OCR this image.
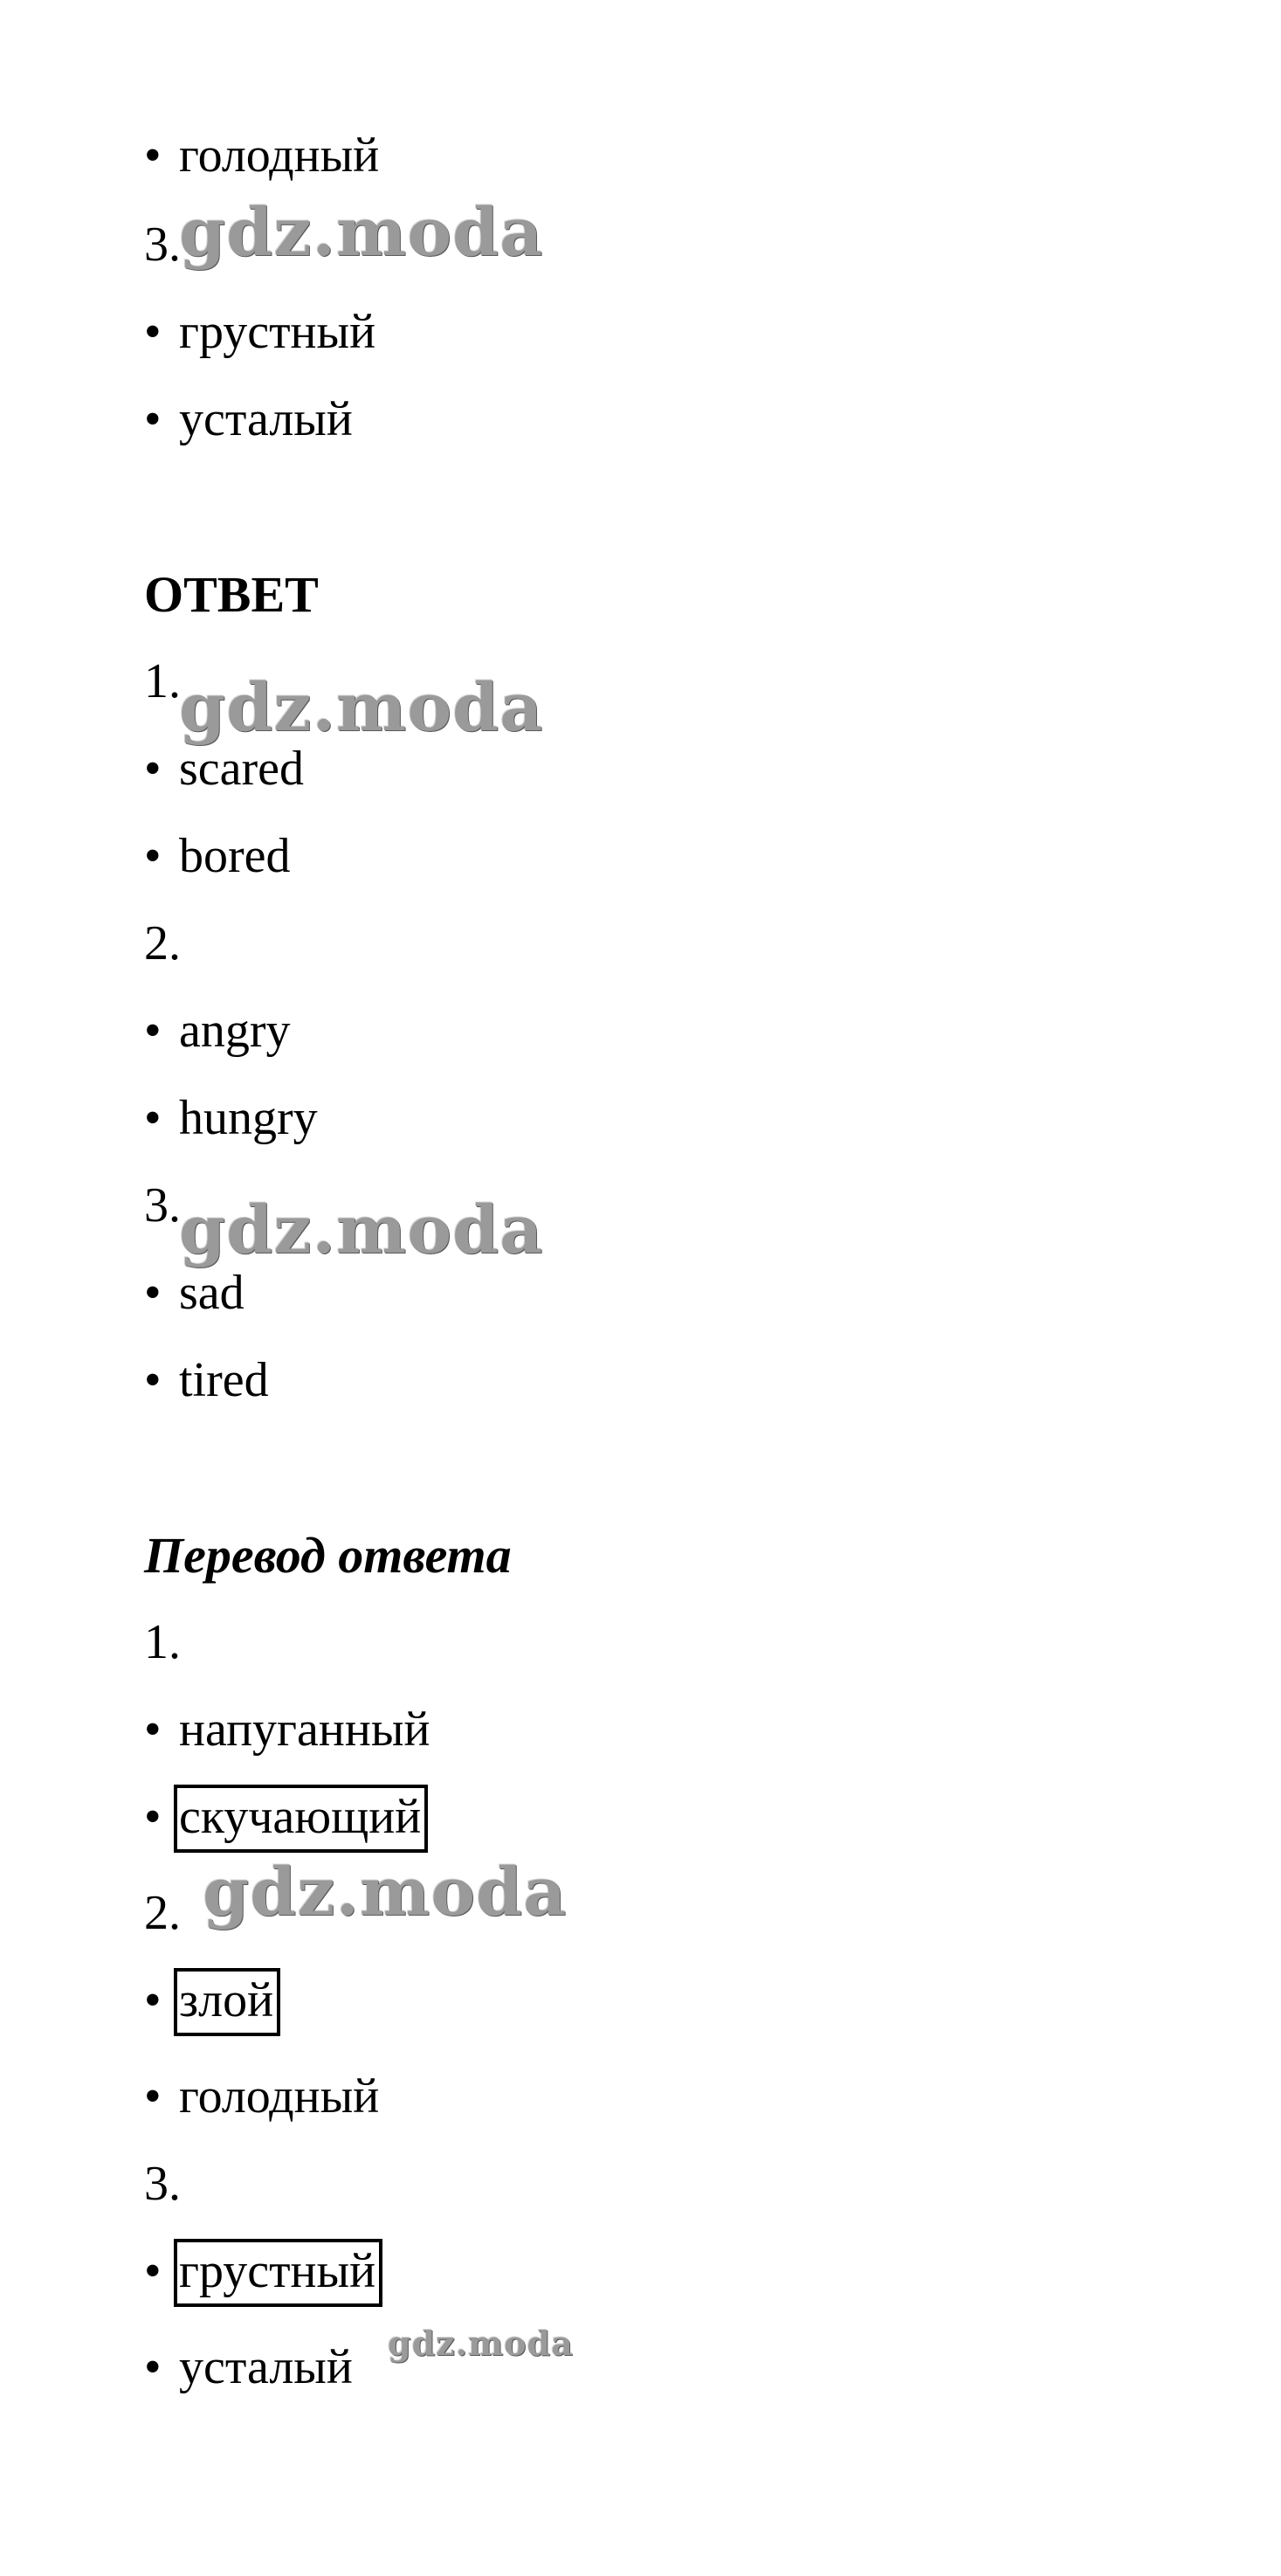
• голодный
3.
• грустный
• усталый
ОТВЕТ
1.
• scared
• bored
2.
• angry
• hungry
3.
• sad
• tired
Перевод ответа
1.
• напуганный
• скучающий
2.
• злой
• голодный
3.
• грустный
• усталый
gdz.moda
gdz.moda
gdz.moda
gdz.moda
gdz.moda
